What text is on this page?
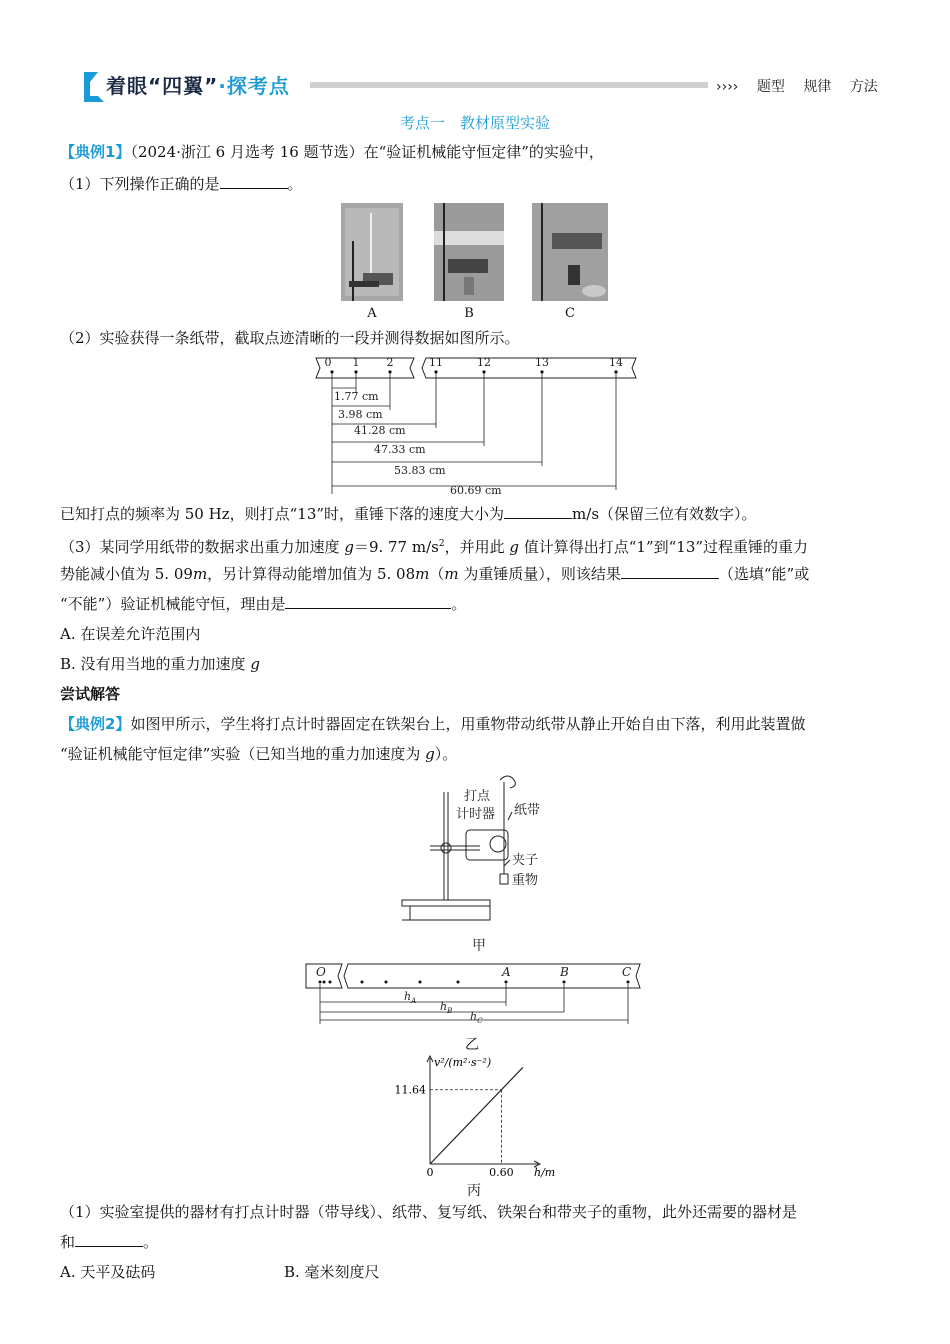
着眼“四翼”·探考点	›››› 题型 规律 方法
考点一　教材原型实验
【典例1】（2024·浙江 6 月选考 16 题节选）在“验证机械能守恒定律”的实验中，
（1）下列操作正确的是	。
A	B	C
（2）实验获得一条纸带，截取点迹清晰的一段并测得数据如图所示。
0 1 2	11	12	13	14
1.77 cm
3.98 cm
41.28 cm
47.33 cm
53.83 cm
60.69 cm
已知打点的频率为 50 Hz，则打点“13”时，重锤下落的速度大小为	m/s（保留三位有效数字）。
（3）某同学用纸带的数据求出重力加速度 g＝9. 77 $m/s^2$，并用此 g 值计算得出打点“1”到“13”过程重锤的重力
势能减小值为 5. 09m，另计算得动能增加值为 5. 08m（m 为重锤质量），则该结果	（选填“能”或
“不能”）验证机械能守恒，理由是	。
A. 在误差允许范围内
B. 没有用当地的重力加速度 g
尝试解答
【典例2】如图甲所示，学生将打点计时器固定在铁架台上，用重物带动纸带从静止开始自由下落，利用此装置做
“验证机械能守恒定律”实验（已知当地的重力加速度为 g）。
打点
计时器 纸带
夹子
重物
甲
O	A	B	C
$h_A$ $h_B$ $h_C$
乙
v²/(m²·s⁻²)
h/m
11.64
0	0.60
丙
（1）实验室提供的器材有打点计时器（带导线）、纸带、复写纸、铁架台和带夹子的重物，此外还需要的器材是
和	。
A. 天平及砝码	B. 毫米刻度尺
